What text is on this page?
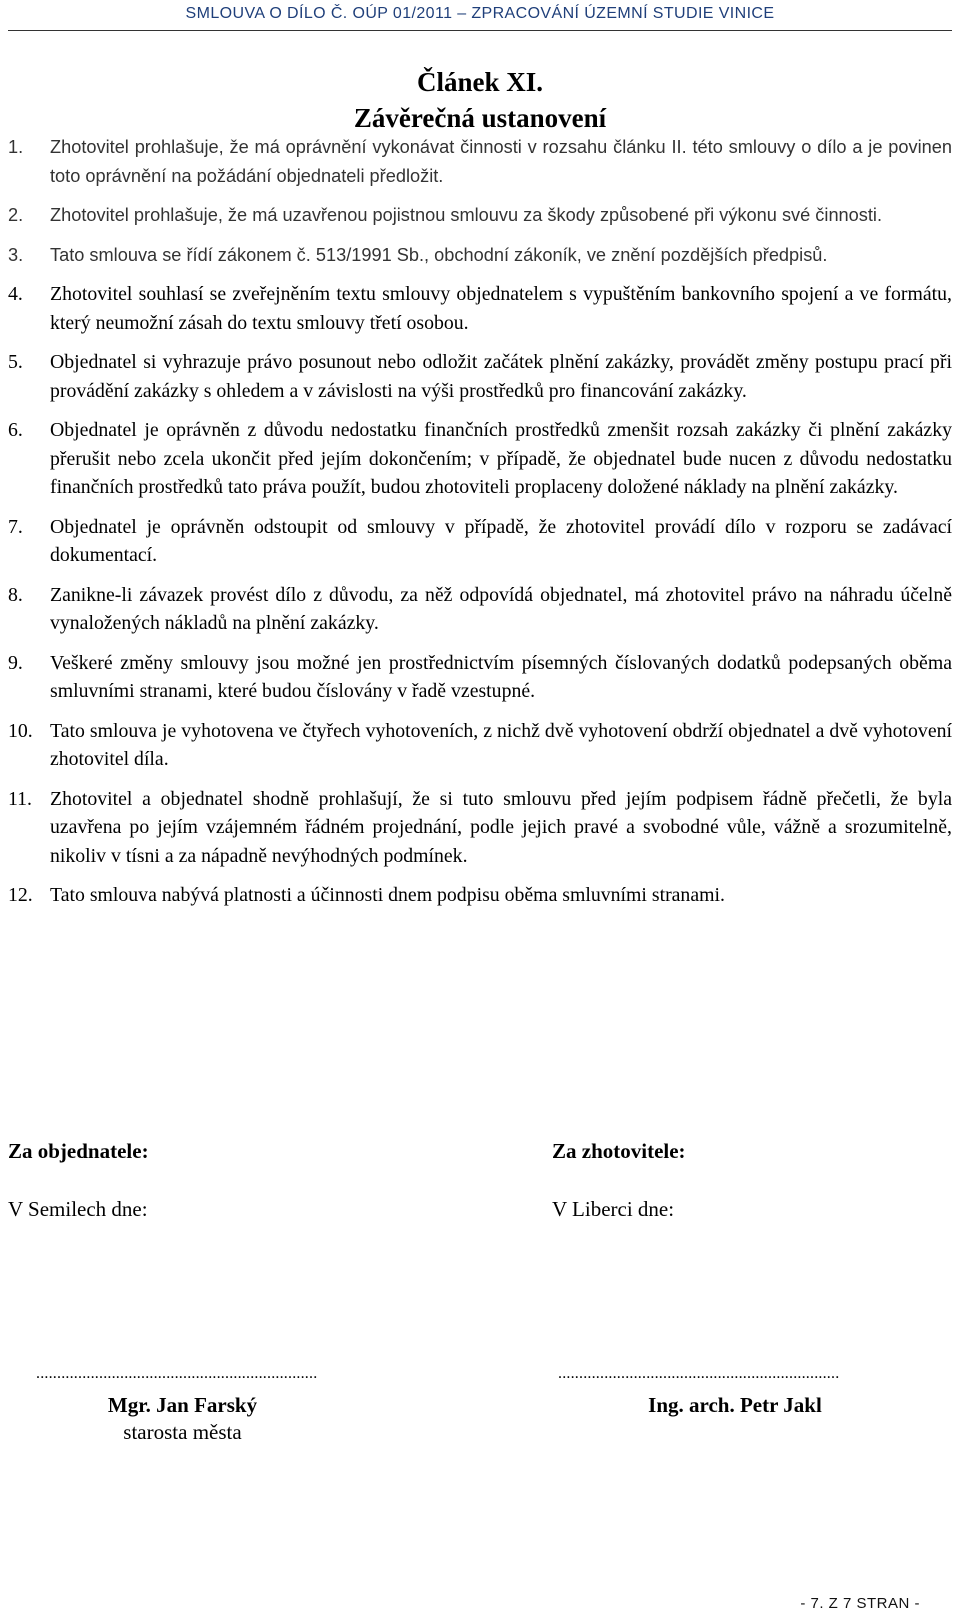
SMLOUVA O DÍLO Č. OÚP 01/2011 – ZPRACOVÁNÍ ÚZEMNÍ STUDIE VINICE
Článek XI.
Závěrečná ustanovení
1. Zhotovitel prohlašuje, že má oprávnění vykonávat činnosti v rozsahu článku II. této smlouvy o dílo a je povinen toto oprávnění na požádání objednateli předložit.
2. Zhotovitel prohlašuje, že má uzavřenou pojistnou smlouvu za škody způsobené při výkonu své činnosti.
3. Tato smlouva se řídí zákonem č. 513/1991 Sb., obchodní zákoník, ve znění pozdějších předpisů.
4. Zhotovitel souhlasí se zveřejněním textu smlouvy objednatelem s vypuštěním bankovního spojení a ve formátu, který neumožní zásah do textu smlouvy třetí osobou.
5. Objednatel si vyhrazuje právo posunout nebo odložit začátek plnění zakázky, provádět změny postupu prací při provádění zakázky s ohledem a v závislosti na výši prostředků pro financování zakázky.
6. Objednatel je oprávněn z důvodu nedostatku finančních prostředků zmenšit rozsah zakázky či plnění zakázky přerušit nebo zcela ukončit před jejím dokončením; v případě, že objednatel bude nucen z důvodu nedostatku finančních prostředků tato práva použít, budou zhotoviteli proplaceny doložené náklady na plnění zakázky.
7. Objednatel je oprávněn odstoupit od smlouvy v případě, že zhotovitel provádí dílo v rozporu se zadávací dokumentací.
8. Zanikne-li závazek provést dílo z důvodu, za něž odpovídá objednatel, má zhotovitel právo na náhradu účelně vynaložených nákladů na plnění zakázky.
9. Veškeré změny smlouvy jsou možné jen prostřednictvím písemných číslovaných dodatků podepsaných oběma smluvními stranami, které budou číslovány v řadě vzestupné.
10. Tato smlouva je vyhotovena ve čtyřech vyhotoveních, z nichž dvě vyhotovení obdrží objednatel a dvě vyhotovení zhotovitel díla.
11. Zhotovitel a objednatel shodně prohlašují, že si tuto smlouvu před jejím podpisem řádně přečetli, že byla uzavřena po jejím vzájemném řádném projednání, podle jejich pravé a svobodné vůle, vážně a srozumitelně, nikoliv v tísni a za nápadně nevýhodných podmínek.
12. Tato smlouva nabývá platnosti a účinnosti dnem podpisu oběma smluvními stranami.
Za objednatele:
V Semilech dne:
Za zhotovitele:
V Liberci dne:
...................................................................	...................................................................
Mgr. Jan Farský
starosta města
Ing. arch. Petr Jakl
- 7. Z 7 STRAN -
